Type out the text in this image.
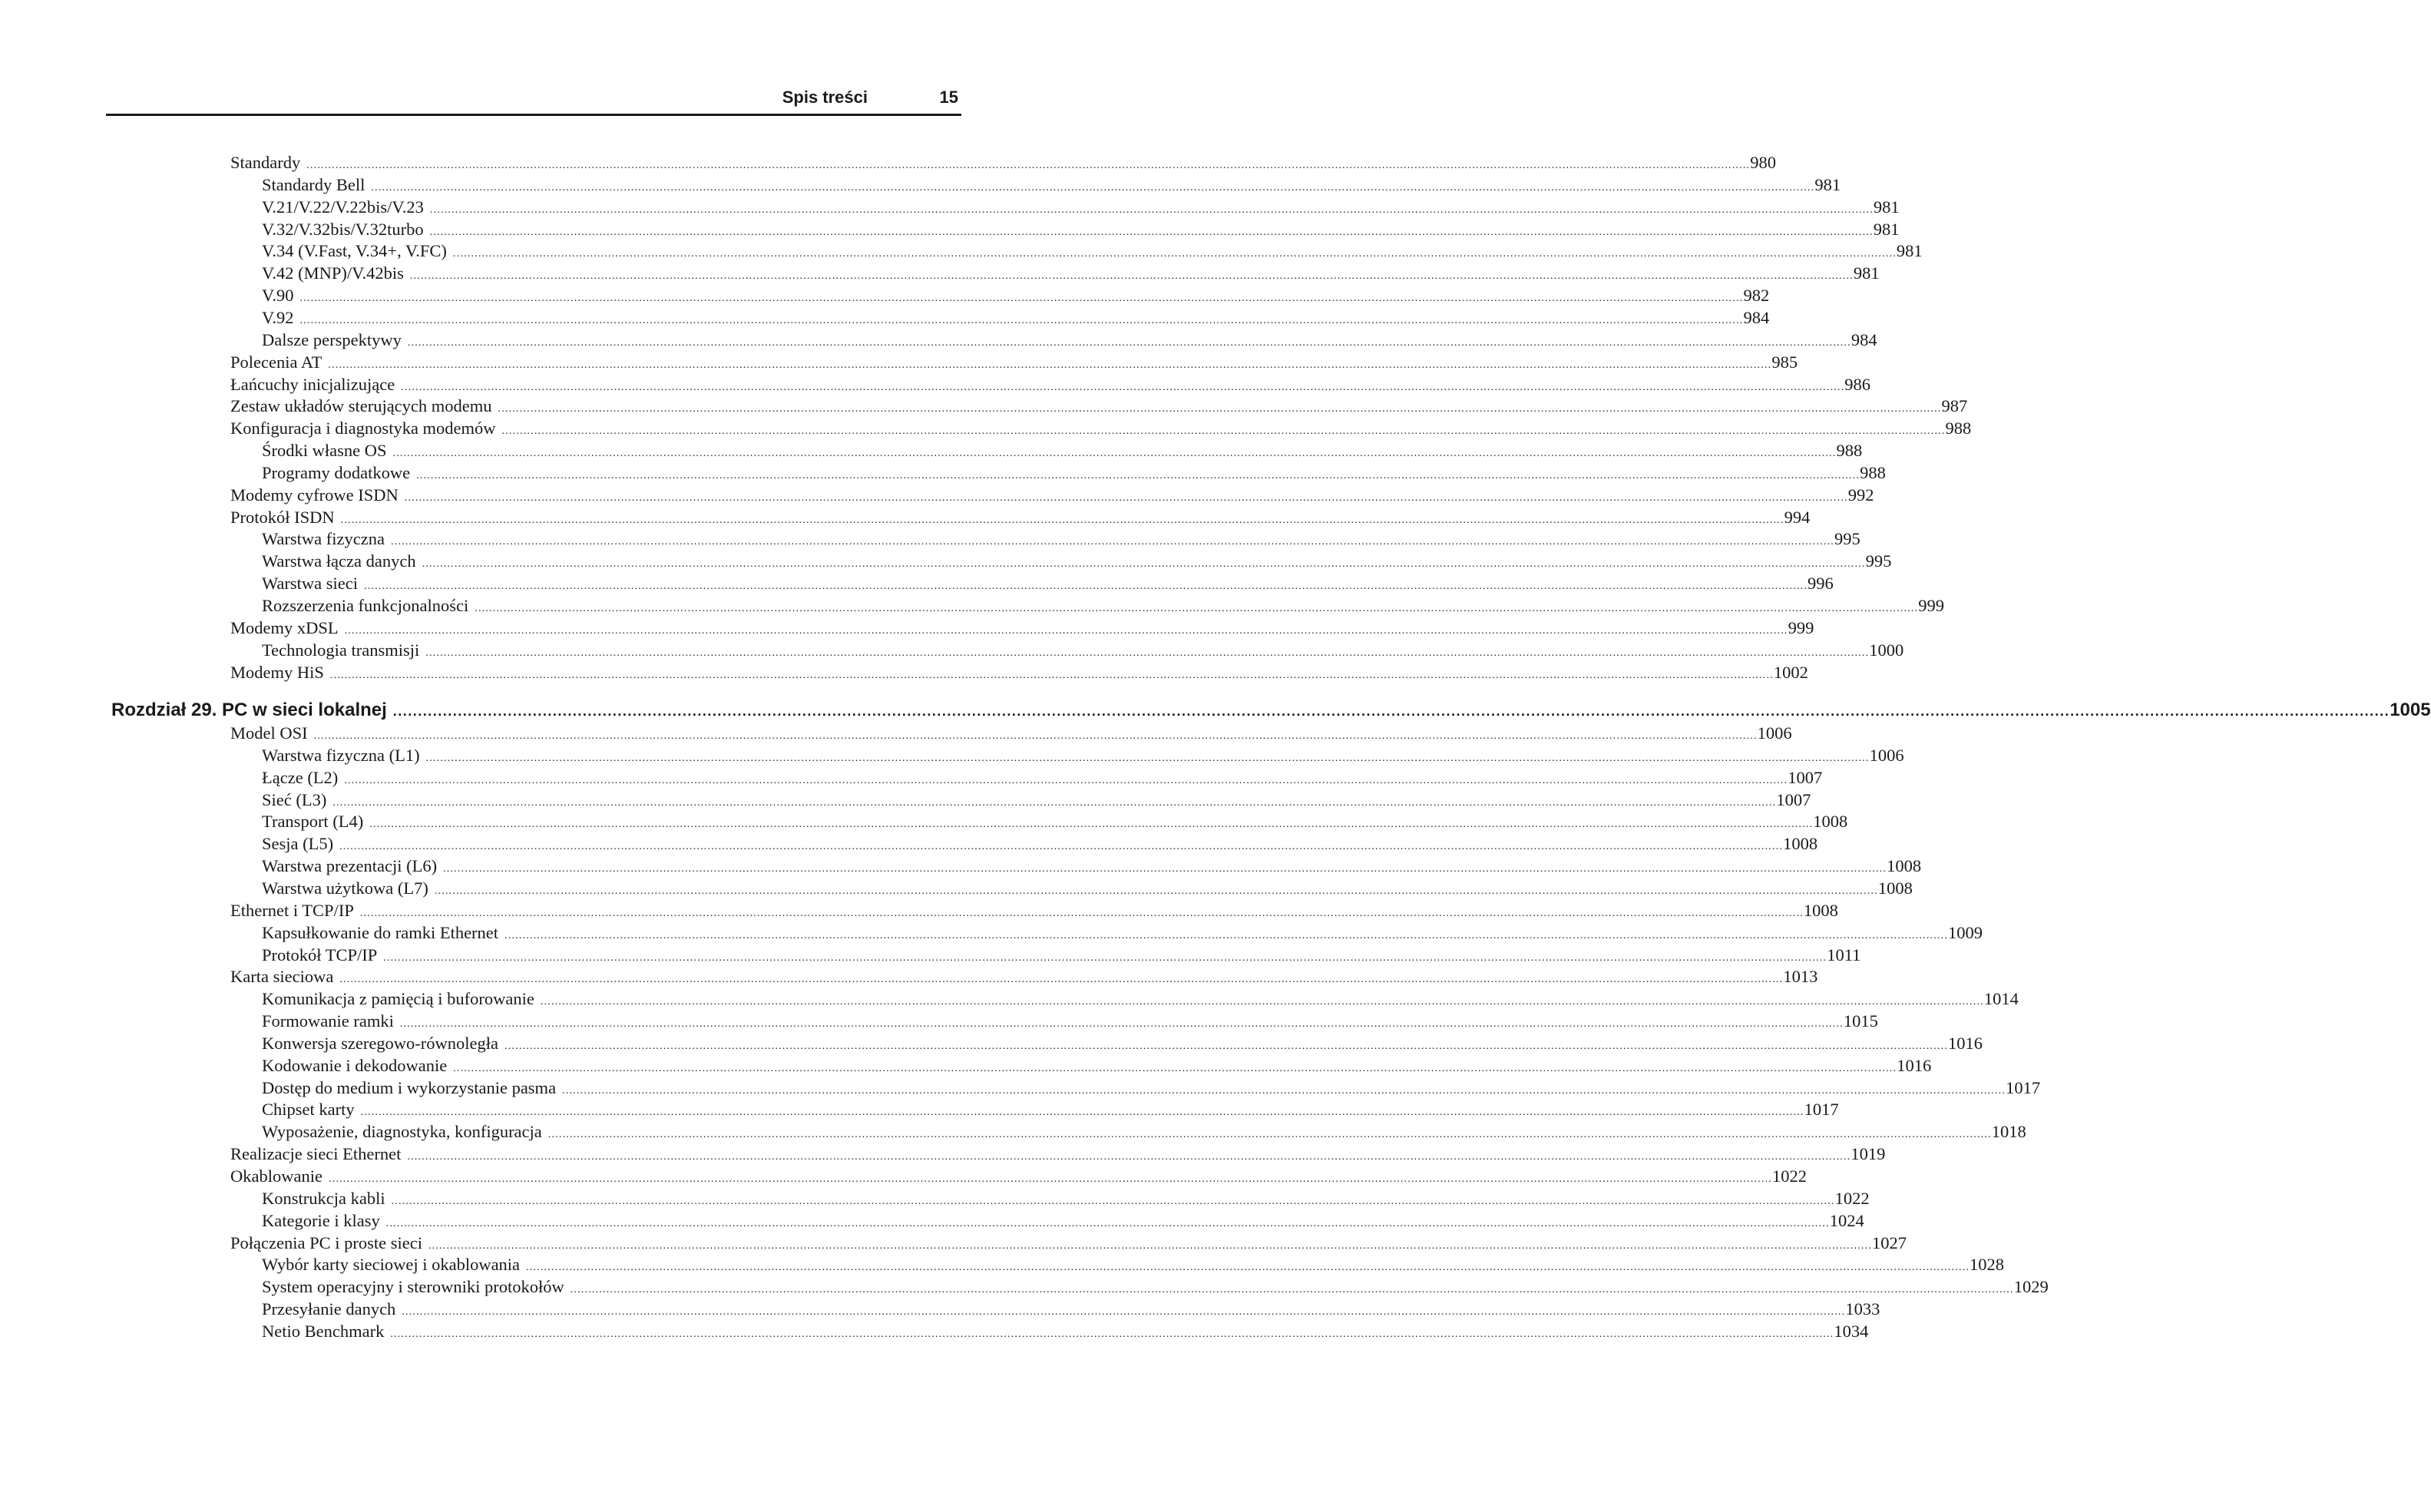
Spis treści	15
Standardy ................................................................................................................................................................................................................................................................................................................................................................................................................ 980
Standardy Bell ................................................................................................................................................................................................................................................................................................................................................................................................................ 981
V.21/V.22/V.22bis/V.23 ................................................................................................................................................................................................................................................................................................................................................................................................................ 981
V.32/V.32bis/V.32turbo ................................................................................................................................................................................................................................................................................................................................................................................................................ 981
V.34 (V.Fast, V.34+, V.FC) ................................................................................................................................................................................................................................................................................................................................................................................................................ 981
V.42 (MNP)/V.42bis ................................................................................................................................................................................................................................................................................................................................................................................................................ 981
V.90 ................................................................................................................................................................................................................................................................................................................................................................................................................ 982
V.92 ................................................................................................................................................................................................................................................................................................................................................................................................................ 984
Dalsze perspektywy ................................................................................................................................................................................................................................................................................................................................................................................................................ 984
Polecenia AT ................................................................................................................................................................................................................................................................................................................................................................................................................ 985
Łańcuchy inicjalizujące ................................................................................................................................................................................................................................................................................................................................................................................................................ 986
Zestaw układów sterujących modemu ................................................................................................................................................................................................................................................................................................................................................................................................................ 987
Konfiguracja i diagnostyka modemów ................................................................................................................................................................................................................................................................................................................................................................................................................ 988
Środki własne OS ................................................................................................................................................................................................................................................................................................................................................................................................................ 988
Programy dodatkowe ................................................................................................................................................................................................................................................................................................................................................................................................................ 988
Modemy cyfrowe ISDN ................................................................................................................................................................................................................................................................................................................................................................................................................ 992
Protokół ISDN ................................................................................................................................................................................................................................................................................................................................................................................................................ 994
Warstwa fizyczna ................................................................................................................................................................................................................................................................................................................................................................................................................ 995
Warstwa łącza danych ................................................................................................................................................................................................................................................................................................................................................................................................................ 995
Warstwa sieci ................................................................................................................................................................................................................................................................................................................................................................................................................ 996
Rozszerzenia funkcjonalności ................................................................................................................................................................................................................................................................................................................................................................................................................ 999
Modemy xDSL ................................................................................................................................................................................................................................................................................................................................................................................................................ 999
Technologia transmisji ................................................................................................................................................................................................................................................................................................................................................................................................................ 1000
Modemy HiS ................................................................................................................................................................................................................................................................................................................................................................................................................ 1002
Rozdział 29. PC w sieci lokalnej ................................................................................................................................................................................................................................................................................................................................................................................................................ 1005
Model OSI ................................................................................................................................................................................................................................................................................................................................................................................................................ 1006
Warstwa fizyczna (L1) ................................................................................................................................................................................................................................................................................................................................................................................................................ 1006
Łącze (L2) ................................................................................................................................................................................................................................................................................................................................................................................................................ 1007
Sieć (L3) ................................................................................................................................................................................................................................................................................................................................................................................................................ 1007
Transport (L4) ................................................................................................................................................................................................................................................................................................................................................................................................................ 1008
Sesja (L5) ................................................................................................................................................................................................................................................................................................................................................................................................................ 1008
Warstwa prezentacji (L6) ................................................................................................................................................................................................................................................................................................................................................................................................................ 1008
Warstwa użytkowa (L7) ................................................................................................................................................................................................................................................................................................................................................................................................................ 1008
Ethernet i TCP/IP ................................................................................................................................................................................................................................................................................................................................................................................................................ 1008
Kapsułkowanie do ramki Ethernet ................................................................................................................................................................................................................................................................................................................................................................................................................ 1009
Protokół TCP/IP ................................................................................................................................................................................................................................................................................................................................................................................................................ 1011
Karta sieciowa ................................................................................................................................................................................................................................................................................................................................................................................................................ 1013
Komunikacja z pamięcią i buforowanie ................................................................................................................................................................................................................................................................................................................................................................................................................ 1014
Formowanie ramki ................................................................................................................................................................................................................................................................................................................................................................................................................ 1015
Konwersja szeregowo-równoległa ................................................................................................................................................................................................................................................................................................................................................................................................................ 1016
Kodowanie i dekodowanie ................................................................................................................................................................................................................................................................................................................................................................................................................ 1016
Dostęp do medium i wykorzystanie pasma ................................................................................................................................................................................................................................................................................................................................................................................................................ 1017
Chipset karty ................................................................................................................................................................................................................................................................................................................................................................................................................ 1017
Wyposażenie, diagnostyka, konfiguracja ................................................................................................................................................................................................................................................................................................................................................................................................................ 1018
Realizacje sieci Ethernet ................................................................................................................................................................................................................................................................................................................................................................................................................ 1019
Okablowanie ................................................................................................................................................................................................................................................................................................................................................................................................................ 1022
Konstrukcja kabli ................................................................................................................................................................................................................................................................................................................................................................................................................ 1022
Kategorie i klasy ................................................................................................................................................................................................................................................................................................................................................................................................................ 1024
Połączenia PC i proste sieci ................................................................................................................................................................................................................................................................................................................................................................................................................ 1027
Wybór karty sieciowej i okablowania ................................................................................................................................................................................................................................................................................................................................................................................................................ 1028
System operacyjny i sterowniki protokołów ................................................................................................................................................................................................................................................................................................................................................................................................................ 1029
Przesyłanie danych ................................................................................................................................................................................................................................................................................................................................................................................................................ 1033
Netio Benchmark ................................................................................................................................................................................................................................................................................................................................................................................................................ 1034
